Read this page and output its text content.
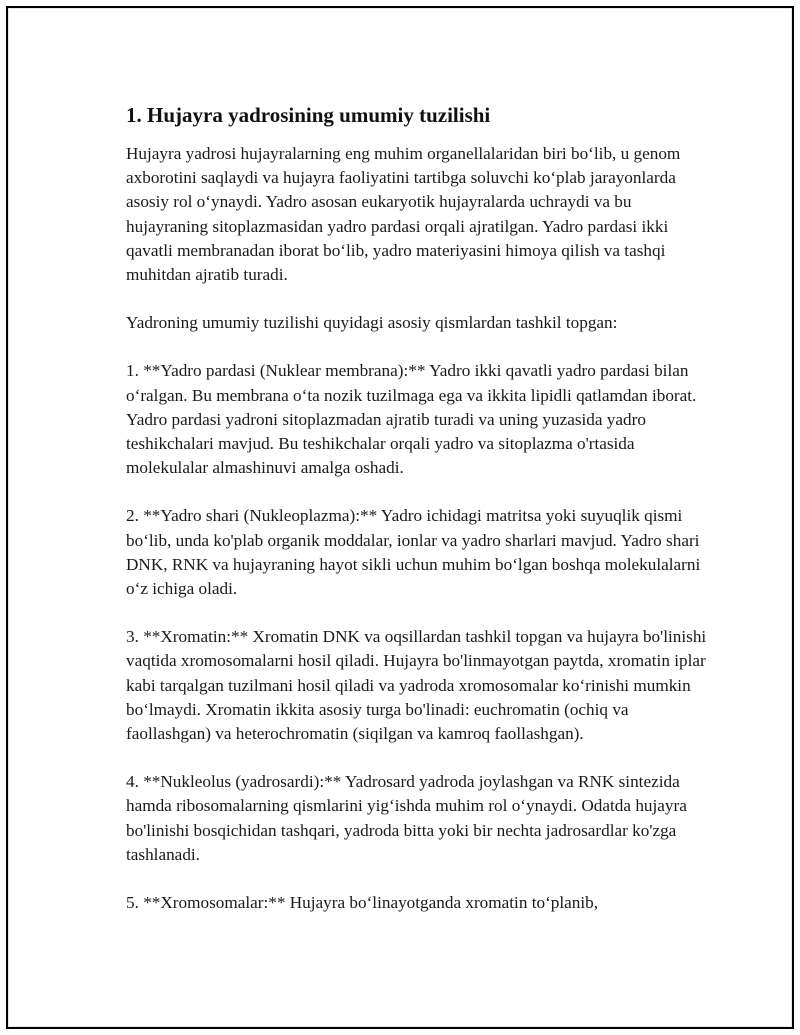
1. Hujayra yadrosining umumiy tuzilishi

Hujayra yadrosi hujayralarning eng muhim organellalaridan biri bo‘lib, u genom axborotini saqlaydi va hujayra faoliyatini tartibga soluvchi ko‘plab jarayonlarda asosiy rol o‘ynaydi. Yadro asosan eukaryotik hujayralarda uchraydi va bu hujayraning sitoplazmasidan yadro pardasi orqali ajratilgan. Yadro pardasi ikki qavatli membranadan iborat bo‘lib, yadro materiyasini himoya qilish va tashqi muhitdan ajratib turadi.

Yadroning umumiy tuzilishi quyidagi asosiy qismlardan tashkil topgan:

1. **Yadro pardasi (Nuklear membrana):** Yadro ikki qavatli yadro pardasi bilan o‘ralgan. Bu membrana o‘ta nozik tuzilmaga ega va ikkita lipidli qatlamdan iborat. Yadro pardasi yadroni sitoplazmadan ajratib turadi va uning yuzasida yadro teshikchalari mavjud. Bu teshikchalar orqali yadro va sitoplazma o'rtasida molekulalar almashinuvi amalga oshadi.

2. **Yadro shari (Nukleoplazma):** Yadro ichidagi matritsa yoki suyuqlik qismi bo‘lib, unda ko'plab organik moddalar, ionlar va yadro sharlari mavjud. Yadro shari DNK, RNK va hujayraning hayot sikli uchun muhim bo‘lgan boshqa molekulalarni o‘z ichiga oladi.

3. **Xromatin:** Xromatin DNK va oqsillardan tashkil topgan va hujayra bo'linishi vaqtida xromosomalarni hosil qiladi. Hujayra bo'linmayotgan paytda, xromatin iplar kabi tarqalgan tuzilmani hosil qiladi va yadroda xromosomalar ko‘rinishi mumkin bo‘lmaydi. Xromatin ikkita asosiy turga bo'linadi: euchromatin (ochiq va faollashgan) va heterochromatin (siqilgan va kamroq faollashgan).

4. **Nukleolus (yadrosardi):** Yadrosard yadroda joylashgan va RNK sintezida hamda ribosomalarning qismlarini yig‘ishda muhim rol o‘ynaydi. Odatda hujayra bo'linishi bosqichidan tashqari, yadroda bitta yoki bir nechta jadrosardlar ko'zga tashlanadi.

5. **Xromosomalar:** Hujayra bo‘linayotganda xromatin to‘planib,
